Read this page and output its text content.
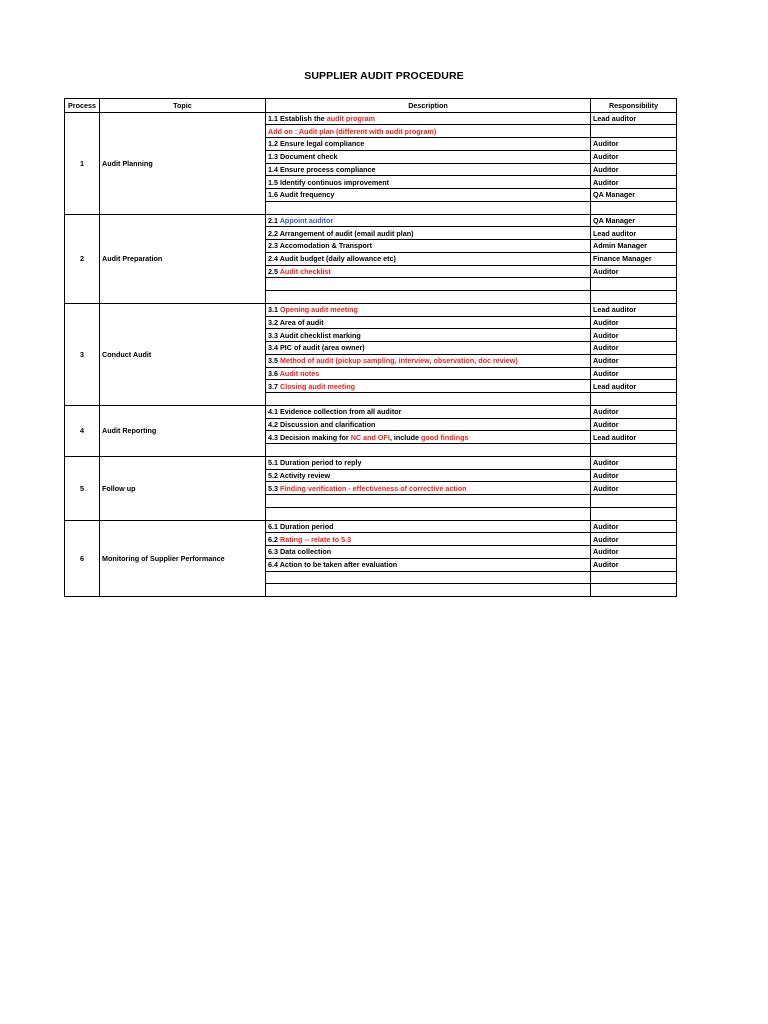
SUPPLIER AUDIT PROCEDURE
Process	Topic	Description	Responsibility
1	Audit Planning	1.1 Establish the audit program	Lead auditor
		Add on : Audit plan (different with audit program)	
		1.2 Ensure legal compliance	Auditor
		1.3 Document check	Auditor
		1.4 Ensure process compliance	Auditor
		1.5 Identify continuos improvement	Auditor
		1.6 Audit frequency	QA Manager

2	Audit Preparation	2.1 Appoint auditor	QA Manager
		2.2 Arrangement of audit (email audit plan)	Lead auditor
		2.3 Accomodation & Transport	Admin Manager
		2.4 Audit budget (daily allowance etc)	Finance Manager
		2.5 Audit checklist	Auditor

3	Conduct Audit	3.1 Opening audit meeting	Lead auditor
		3.2 Area of audit	Auditor
		3.3 Audit checklist marking	Auditor
		3.4 PIC of audit (area owner)	Auditor
		3.5 Method of audit (pickup sampling, interview, observation, doc review)	Auditor
		3.6 Audit notes	Auditor
		3.7 Closing audit meeting	Lead auditor

4	Audit Reporting	4.1 Evidence collection from all auditor	Auditor
		4.2 Discussion and clarification	Auditor
		4.3 Decision making for NC and OFI, include good findings	Lead auditor

5	Follow up	5.1 Duration period to reply	Auditor
		5.2 Activity review	Auditor
		5.3 Finding verification - effectiveness of corrective action	Auditor

6	Monitoring of Supplier Performance	6.1 Duration period	Auditor
		6.2 Rating -- relate to 5.3	Auditor
		6.3 Data collection	Auditor
		6.4 Action to be taken after evaluation	Auditor
